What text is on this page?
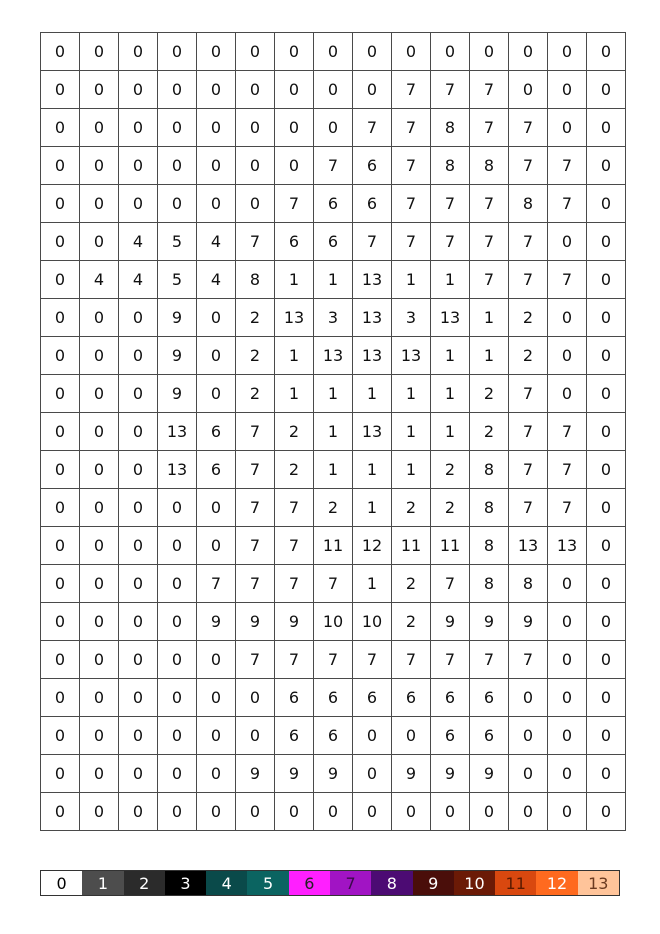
0	0	0	0	0	0	0	0	0	0	0	0	0	0	0
0	0	0	0	0	0	0	0	0	7	7	7	0	0	0
0	0	0	0	0	0	0	0	7	7	8	7	7	0	0
0	0	0	0	0	0	0	7	6	7	8	8	7	7	0
0	0	0	0	0	0	7	6	6	7	7	7	8	7	0
0	0	4	5	4	7	6	6	7	7	7	7	7	0	0
0	4	4	5	4	8	1	1	13	1	1	7	7	7	0
0	0	0	9	0	2	13	3	13	3	13	1	2	0	0
0	0	0	9	0	2	1	13	13	13	1	1	2	0	0
0	0	0	9	0	2	1	1	1	1	1	2	7	0	0
0	0	0	13	6	7	2	1	13	1	1	2	7	7	0
0	0	0	13	6	7	2	1	1	1	2	8	7	7	0
0	0	0	0	0	7	7	2	1	2	2	8	7	7	0
0	0	0	0	0	7	7	11	12	11	11	8	13	13	0
0	0	0	0	7	7	7	7	1	2	7	8	8	0	0
0	0	0	0	9	9	9	10	10	2	9	9	9	0	0
0	0	0	0	0	7	7	7	7	7	7	7	7	0	0
0	0	0	0	0	0	6	6	6	6	6	6	0	0	0
0	0	0	0	0	0	6	6	0	0	6	6	0	0	0
0	0	0	0	0	9	9	9	0	9	9	9	0	0	0
0	0	0	0	0	0	0	0	0	0	0	0	0	0	0
0	1	2	3	4	5	6	7	8	9	10	11	12	13
